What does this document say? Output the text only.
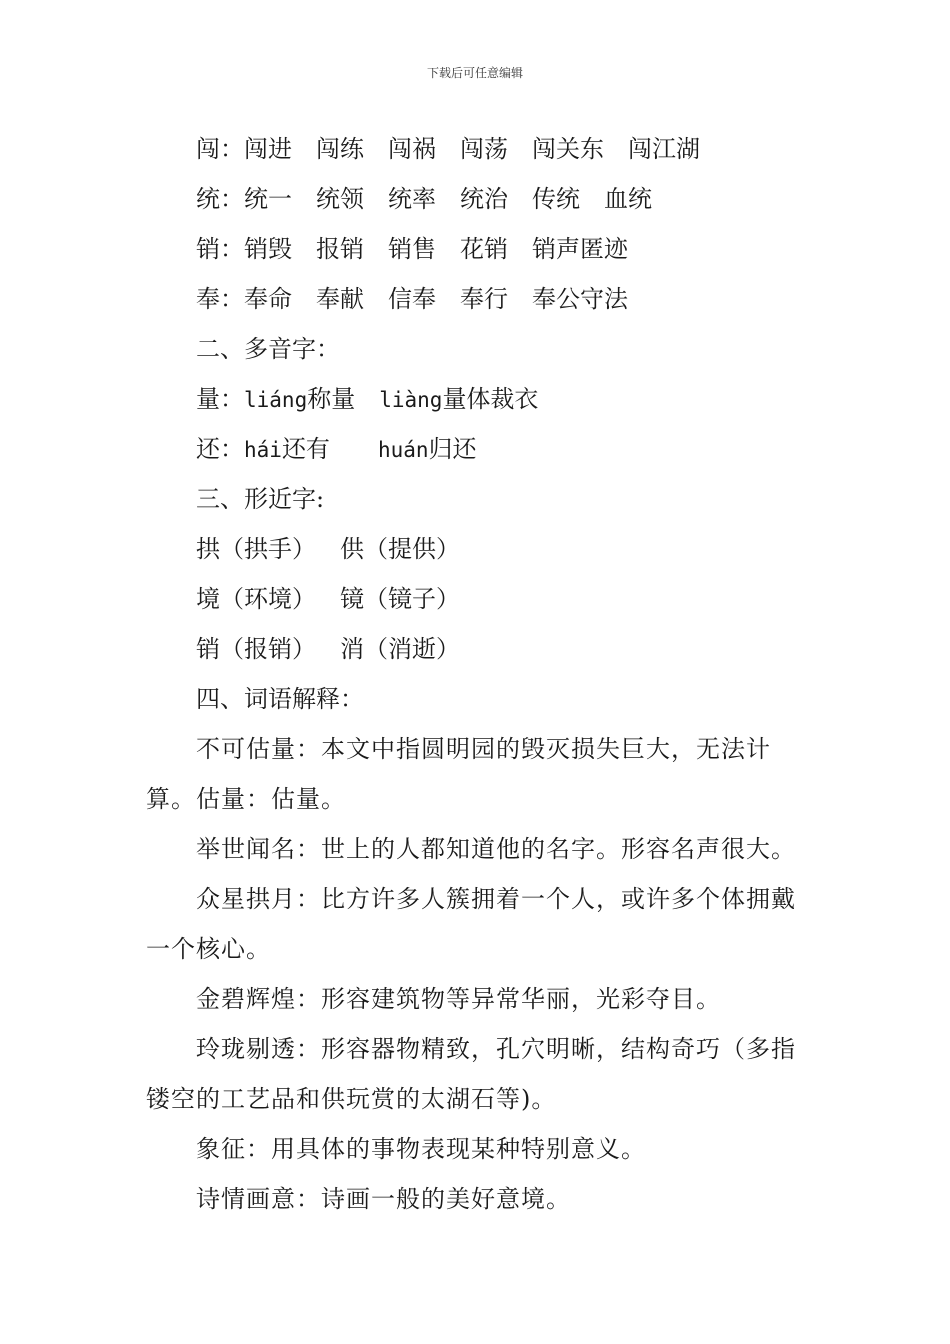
下载后可任意编辑
闯：闯进 闯练 闯祸 闯荡 闯关东 闯江湖
统：统一 统领 统率 统治 传统 血统
销：销毁 报销 销售 花销 销声匿迹
奉：奉命 奉献 信奉 奉行 奉公守法
二、多音字：
量：liáng称量 liàng量体裁衣
还：hái还有 huán归还
三、形近字:
拱（拱手） 供（提供）
境（环境） 镜（镜子）
销（报销） 消（消逝）
四、词语解释：

不可估量：本文中指圆明园的毁灭损失巨大，无法计算。估量：估量。

举世闻名：世上的人都知道他的名字。形容名声很大。

众星拱月：比方许多人簇拥着一个人，或许多个体拥戴一个核心。

金碧辉煌：形容建筑物等异常华丽，光彩夺目。

玲珑剔透：形容器物精致，孔穴明晰，结构奇巧（多指镂空的工艺品和供玩赏的太湖石等)。

象征：用具体的事物表现某种特别意义。

诗情画意：诗画一般的美好意境。
